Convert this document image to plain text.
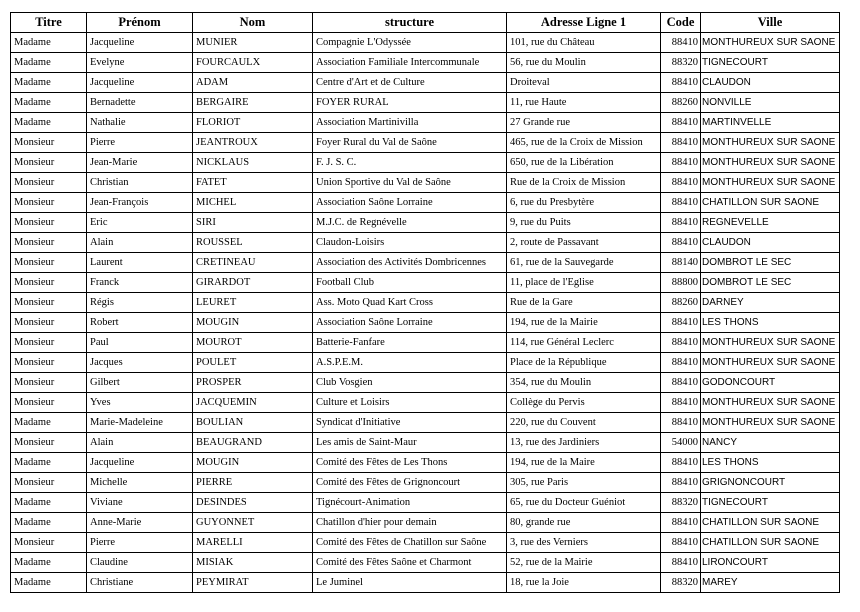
Titre	Prénom	Nom	structure	Adresse Ligne 1	Code	Ville
Madame	Jacqueline	MUNIER	Compagnie L'Odyssée	101, rue du Château	88410	MONTHUREUX SUR SAONE
Madame	Evelyne	FOURCAULX	Association Familiale Intercommunale	56, rue du Moulin	88320	TIGNECOURT
Madame	Jacqueline	ADAM	Centre d'Art et de Culture	Droiteval	88410	CLAUDON
Madame	Bernadette	BERGAIRE	FOYER RURAL	11, rue Haute	88260	NONVILLE
Madame	Nathalie	FLORIOT	Association Martinivilla	27 Grande rue	88410	MARTINVELLE
Monsieur	Pierre	JEANTROUX	Foyer Rural du Val de Saône	465, rue de la Croix de Mission	88410	MONTHUREUX SUR SAONE
Monsieur	Jean-Marie	NICKLAUS	F. J. S. C.	650, rue de la Libération	88410	MONTHUREUX SUR SAONE
Monsieur	Christian	FATET	Union Sportive du Val de Saône	Rue de la Croix de Mission	88410	MONTHUREUX SUR SAONE
Monsieur	Jean-François	MICHEL	Association Saône Lorraine	6, rue du Presbytère	88410	CHATILLON SUR SAONE
Monsieur	Eric	SIRI	M.J.C. de Regnévelle	9, rue du Puits	88410	REGNEVELLE
Monsieur	Alain	ROUSSEL	Claudon-Loisirs	2, route de Passavant	88410	CLAUDON
Monsieur	Laurent	CRETINEAU	Association des Activités Dombricennes	61, rue de la Sauvegarde	88140	DOMBROT LE SEC
Monsieur	Franck	GIRARDOT	Football Club	11, place de l'Eglise	88800	DOMBROT LE SEC
Monsieur	Régis	LEURET	Ass. Moto Quad Kart Cross	Rue de la Gare	88260	DARNEY
Monsieur	Robert	MOUGIN	Association Saône Lorraine	194, rue de la Mairie	88410	LES THONS
Monsieur	Paul	MOUROT	Batterie-Fanfare	114, rue Général Leclerc	88410	MONTHUREUX SUR SAONE
Monsieur	Jacques	POULET	A.S.P.E.M.	Place de la République	88410	MONTHUREUX SUR SAONE
Monsieur	Gilbert	PROSPER	Club Vosgien	354, rue du Moulin	88410	GODONCOURT
Monsieur	Yves	JACQUEMIN	Culture et Loisirs	Collège du Pervis	88410	MONTHUREUX SUR SAONE
Madame	Marie-Madeleine	BOULIAN	Syndicat d'Initiative	220, rue du Couvent	88410	MONTHUREUX SUR SAONE
Monsieur	Alain	BEAUGRAND	Les amis de Saint-Maur	13, rue des Jardiniers	54000	NANCY
Madame	Jacqueline	MOUGIN	Comité des Fêtes de Les Thons	194, rue de la Maire	88410	LES THONS
Monsieur	Michelle	PIERRE	Comité des Fêtes de Grignoncourt	305, rue Paris	88410	GRIGNONCOURT
Madame	Viviane	DESINDES	Tignécourt-Animation	65, rue du Docteur Guéniot	88320	TIGNECOURT
Madame	Anne-Marie	GUYONNET	Chatillon d'hier pour demain	80, grande rue	88410	CHATILLON SUR SAONE
Monsieur	Pierre	MARELLI	Comité des Fêtes de Chatillon sur Saône	3, rue des Verniers	88410	CHATILLON SUR SAONE
Madame	Claudine	MISIAK	Comité des Fêtes Saône et Charmont	52, rue de la Mairie	88410	LIRONCOURT
Madame	Christiane	PEYMIRAT	Le Juminel	18, rue la Joie	88320	MAREY
